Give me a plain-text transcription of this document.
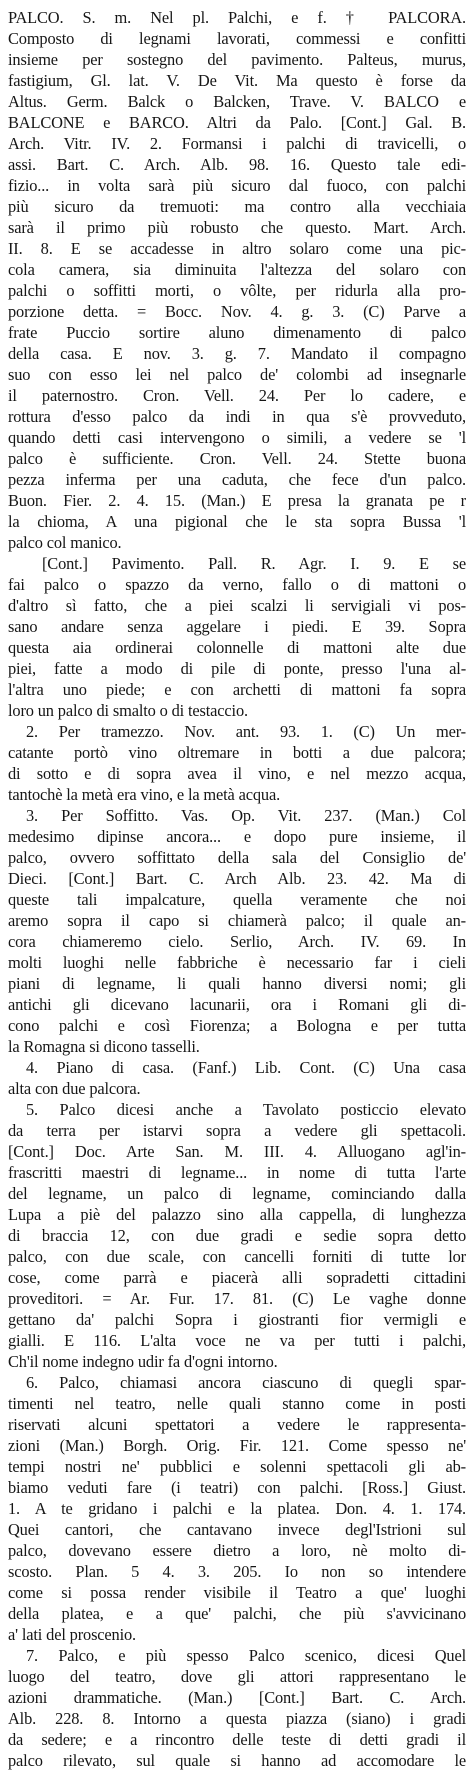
PALCO. S. m. Nel pl. Palchi, e f. † PALCORA.
Composto di legnami lavorati, commessi e confitti
insieme per sostegno del pavimento. Palteus, murus,
fastigium, Gl. lat. V. De Vit. Ma questo è forse da
Altus. Germ. Balck o Balcken, Trave. V. BALCO e
BALCONE e BARCO. Altri da Palo. [Cont.] Gal. B.
Arch. Vitr. IV. 2. Formansi i palchi di travicelli, o
assi. Bart. C. Arch. Alb. 98. 16. Questo tale edi-
fizio... in volta sarà più sicuro dal fuoco, con palchi
più sicuro da tremuoti: ma contro alla vecchiaia
sarà il primo più robusto che questo. Mart. Arch.
II. 8. E se accadesse in altro solaro come una pic-
cola camera, sia diminuita l'altezza del solaro con
palchi o soffitti morti, o vôlte, per ridurla alla pro-
porzione detta. = Bocc. Nov. 4. g. 3. (C) Parve a
frate Puccio sortire aluno dimenamento di palco
della casa. E nov. 3. g. 7. Mandato il compagno
suo con esso lei nel palco de' colombi ad insegnarle
il paternostro. Cron. Vell. 24. Per lo cadere, e
rottura d'esso palco da indi in qua s'è provveduto,
quando detti casi intervengono o simili, a vedere se 'l
palco è sufficiente. Cron. Vell. 24. Stette buona
pezza inferma per una caduta, che fece d'un palco.
Buon. Fier. 2. 4. 15. (Man.) E presa la granata pe r
la chioma, A una pigional che le sta sopra Bussa 'l
palco col manico.
[Cont.] Pavimento. Pall. R. Agr. I. 9. E se
fai palco o spazzo da verno, fallo o di mattoni o
d'altro sì fatto, che a piei scalzi li servigiali vi pos-
sano andare senza aggelare i piedi. E 39. Sopra
questa aia ordinerai colonnelle di mattoni alte due
piei, fatte a modo di pile di ponte, presso l'una al-
l'altra uno piede; e con archetti di mattoni fa sopra
loro un palco di smalto o di testaccio.
2. Per tramezzo. Nov. ant. 93. 1. (C) Un mer-
catante portò vino oltremare in botti a due palcora;
di sotto e di sopra avea il vino, e nel mezzo acqua,
tantochè la metà era vino, e la metà acqua.
3. Per Soffitto. Vas. Op. Vit. 237. (Man.) Col
medesimo dipinse ancora... e dopo pure insieme, il
palco, ovvero soffittato della sala del Consiglio de'
Dieci. [Cont.] Bart. C. Arch Alb. 23. 42. Ma di
queste tali impalcature, quella veramente che noi
aremo sopra il capo si chiamerà palco; il quale an-
cora chiameremo cielo. Serlio, Arch. IV. 69. In
molti luoghi nelle fabbriche è necessario far i cieli
piani di legname, li quali hanno diversi nomi; gli
antichi gli dicevano lacunarii, ora i Romani gli di-
cono palchi e così Fiorenza; a Bologna e per tutta
la Romagna si dicono tasselli.
4. Piano di casa. (Fanf.) Lib. Cont. (C) Una casa
alta con due palcora.
5. Palco dicesi anche a Tavolato posticcio elevato
da terra per istarvi sopra a vedere gli spettacoli.
[Cont.] Doc. Arte San. M. III. 4. Alluogano agl'in-
frascritti maestri di legname... in nome di tutta l'arte
del legname, un palco di legname, cominciando dalla
Lupa a piè del palazzo sino alla cappella, di lunghezza
di braccia 12, con due gradi e sedie sopra detto
palco, con due scale, con cancelli forniti di tutte lor
cose, come parrà e piacerà alli sopradetti cittadini
proveditori. = Ar. Fur. 17. 81. (C) Le vaghe donne
gettano da' palchi Sopra i giostranti fior vermigli e
gialli. E 116. L'alta voce ne va per tutti i palchi,
Ch'il nome indegno udir fa d'ogni intorno.
6. Palco, chiamasi ancora ciascuno di quegli spar-
timenti nel teatro, nelle quali stanno come in posti
riservati alcuni spettatori a vedere le rappresenta-
zioni (Man.) Borgh. Orig. Fir. 121. Come spesso ne'
tempi nostri ne' pubblici e solenni spettacoli gli ab-
biamo veduti fare (i teatri) con palchi. [Ross.] Giust.
1. A te gridano i palchi e la platea. Don. 4. 1. 174.
Quei cantori, che cantavano invece degl'Istrioni sul
palco, dovevano essere dietro a loro, nè molto di-
scosto. Plan. 5 4. 3. 205. Io non so intendere
come si possa render visibile il Teatro a que' luoghi
della platea, e a que' palchi, che più s'avvicinano
a' lati del proscenio.
7. Palco, e più spesso Palco scenico, dicesi Quel
luogo del teatro, dove gli attori rappresentano le
azioni drammatiche. (Man.) [Cont.] Bart. C. Arch.
Alb. 228. 8. Intorno a questa piazza (siano) i gradi
da sedere; e a rincontro delle teste di detti gradi il
palco rilevato, sul quale si hanno ad accomodare le
